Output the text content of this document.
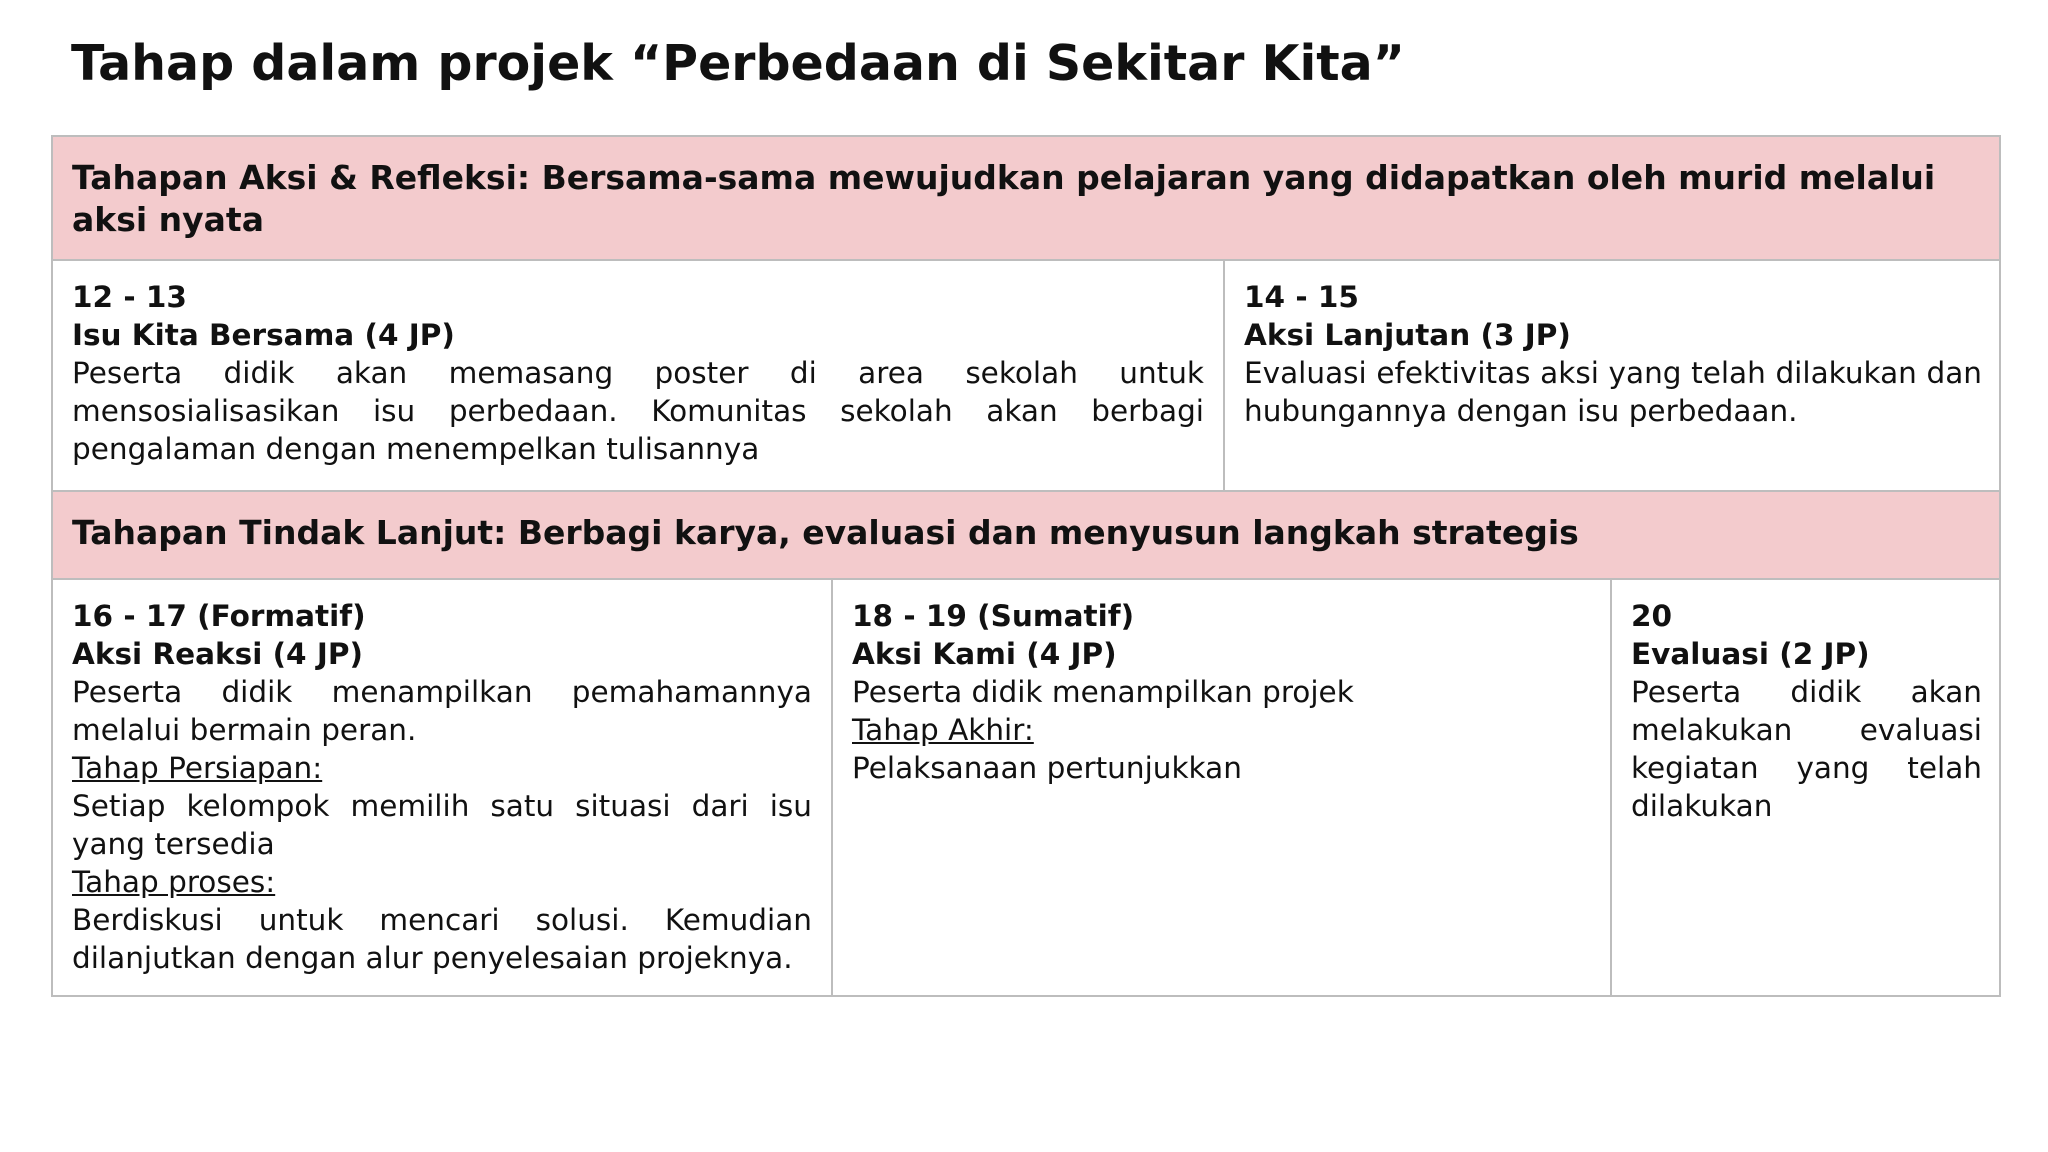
Tahap dalam projek “Perbedaan di Sekitar Kita”
Tahapan Aksi & Refleksi: Bersama-sama mewujudkan pelajaran yang didapatkan oleh murid melalui aksi nyata
12 - 13
Isu Kita Bersama (4 JP)
Peserta didik akan memasang poster di area sekolah untuk mensosialisasikan isu perbedaan. Komunitas sekolah akan berbagi pengalaman dengan menempelkan tulisannya
14 - 15
Aksi Lanjutan (3 JP)
Evaluasi efektivitas aksi yang telah dilakukan dan hubungannya dengan isu perbedaan.
Tahapan Tindak Lanjut: Berbagi karya, evaluasi dan menyusun langkah strategis
16 - 17 (Formatif)
Aksi Reaksi (4 JP)
Peserta didik menampilkan pemahamannya melalui bermain peran.
Tahap Persiapan:
Setiap kelompok memilih satu situasi dari isu yang tersedia
Tahap proses:
Berdiskusi untuk mencari solusi. Kemudian dilanjutkan dengan alur penyelesaian projeknya.
18 - 19 (Sumatif)
Aksi Kami (4 JP)
Peserta didik menampilkan projek
Tahap Akhir:
Pelaksanaan pertunjukkan
20
Evaluasi (2 JP)
Peserta didik akan melakukan evaluasi kegiatan yang telah dilakukan
